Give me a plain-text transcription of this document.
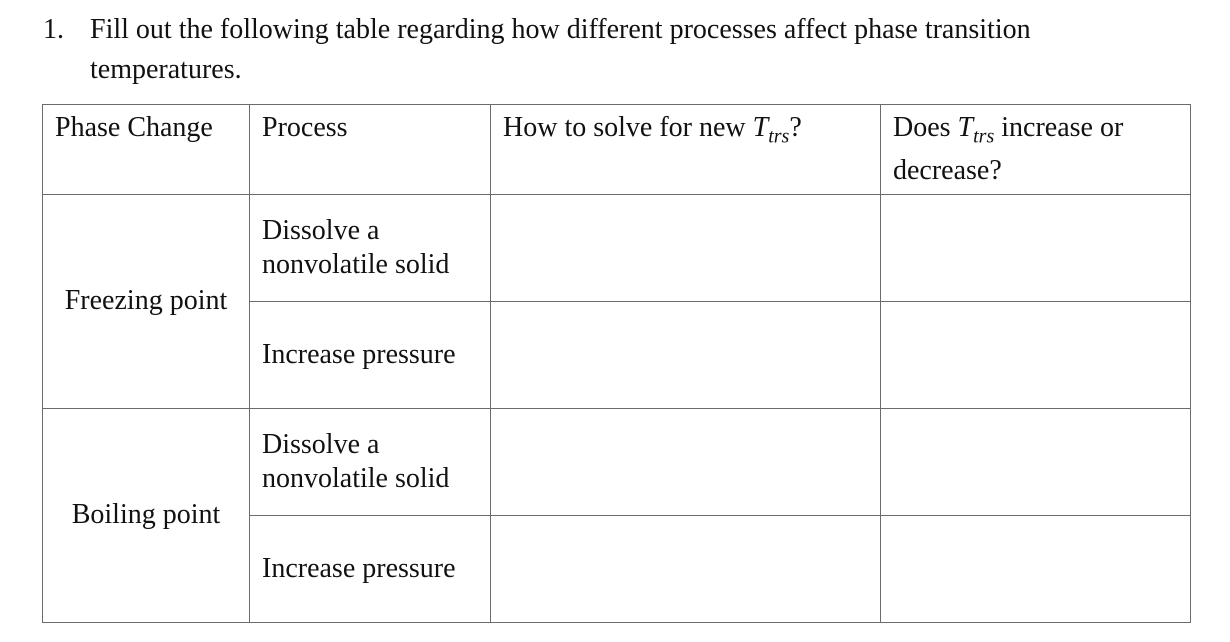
1. Fill out the following table regarding how different processes affect phase transition
temperatures.
Phase Change	Process	How to solve for new $T_{trs}$?	Does $T_{trs}$ increase or decrease?
Freezing point	Dissolve a nonvolatile solid		
	Increase pressure		
Boiling point	Dissolve a nonvolatile solid		
	Increase pressure		
